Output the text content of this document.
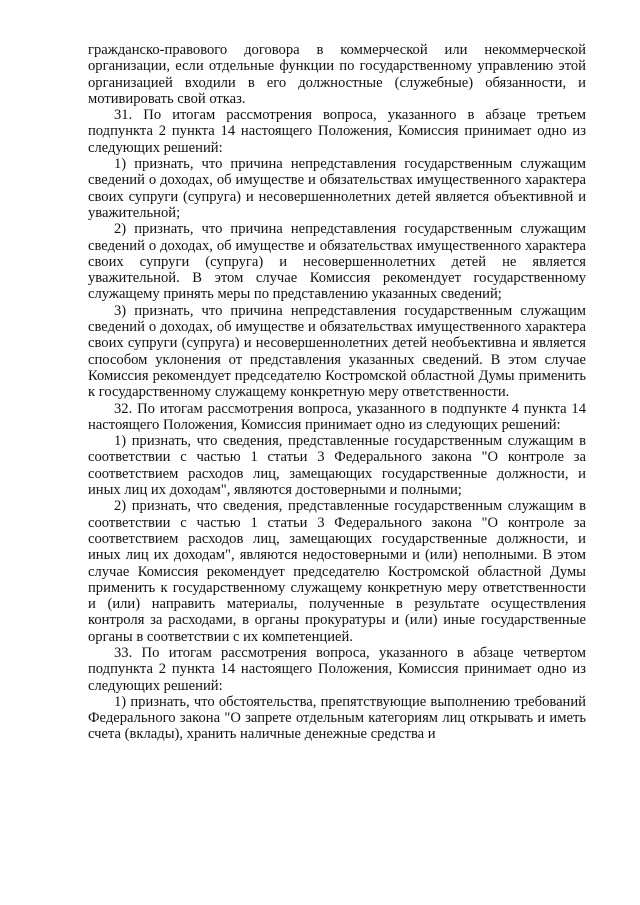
гражданско-правового договора в коммерческой или некоммерческой организации, если отдельные функции по государственному управлению этой организацией входили в его должностные (служебные) обязанности, и мотивировать свой отказ.

31. По итогам рассмотрения вопроса, указанного в абзаце третьем подпункта 2 пункта 14 настоящего Положения, Комиссия принимает одно из следующих решений:

1) признать, что причина непредставления государственным служащим сведений о доходах, об имуществе и обязательствах имущественного характера своих супруги (супруга) и несовершеннолетних детей является объективной и уважительной;

2) признать, что причина непредставления государственным служащим сведений о доходах, об имуществе и обязательствах имущественного характера своих супруги (супруга) и несовершеннолетних детей не является уважительной. В этом случае Комиссия рекомендует государственному служащему принять меры по представлению указанных сведений;

3) признать, что причина непредставления государственным служащим сведений о доходах, об имуществе и обязательствах имущественного характера своих супруги (супруга) и несовершеннолетних детей необъективна и является способом уклонения от представления указанных сведений. В этом случае Комиссия рекомендует председателю Костромской областной Думы применить к государственному служащему конкретную меру ответственности.

32. По итогам рассмотрения вопроса, указанного в подпункте 4 пункта 14 настоящего Положения, Комиссия принимает одно из следующих решений:

1) признать, что сведения, представленные государственным служащим в соответствии с частью 1 статьи 3 Федерального закона "О контроле за соответствием расходов лиц, замещающих государственные должности, и иных лиц их доходам", являются достоверными и полными;

2) признать, что сведения, представленные государственным служащим в соответствии с частью 1 статьи 3 Федерального закона "О контроле за соответствием расходов лиц, замещающих государственные должности, и иных лиц их доходам", являются недостоверными и (или) неполными. В этом случае Комиссия рекомендует председателю Костромской областной Думы применить к государственному служащему конкретную меру ответственности и (или) направить материалы, полученные в результате осуществления контроля за расходами, в органы прокуратуры и (или) иные государственные органы в соответствии с их компетенцией.

33. По итогам рассмотрения вопроса, указанного в абзаце четвертом подпункта 2 пункта 14 настоящего Положения, Комиссия принимает одно из следующих решений:

1) признать, что обстоятельства, препятствующие выполнению требований Федерального закона "О запрете отдельным категориям лиц открывать и иметь счета (вклады), хранить наличные денежные средства и
